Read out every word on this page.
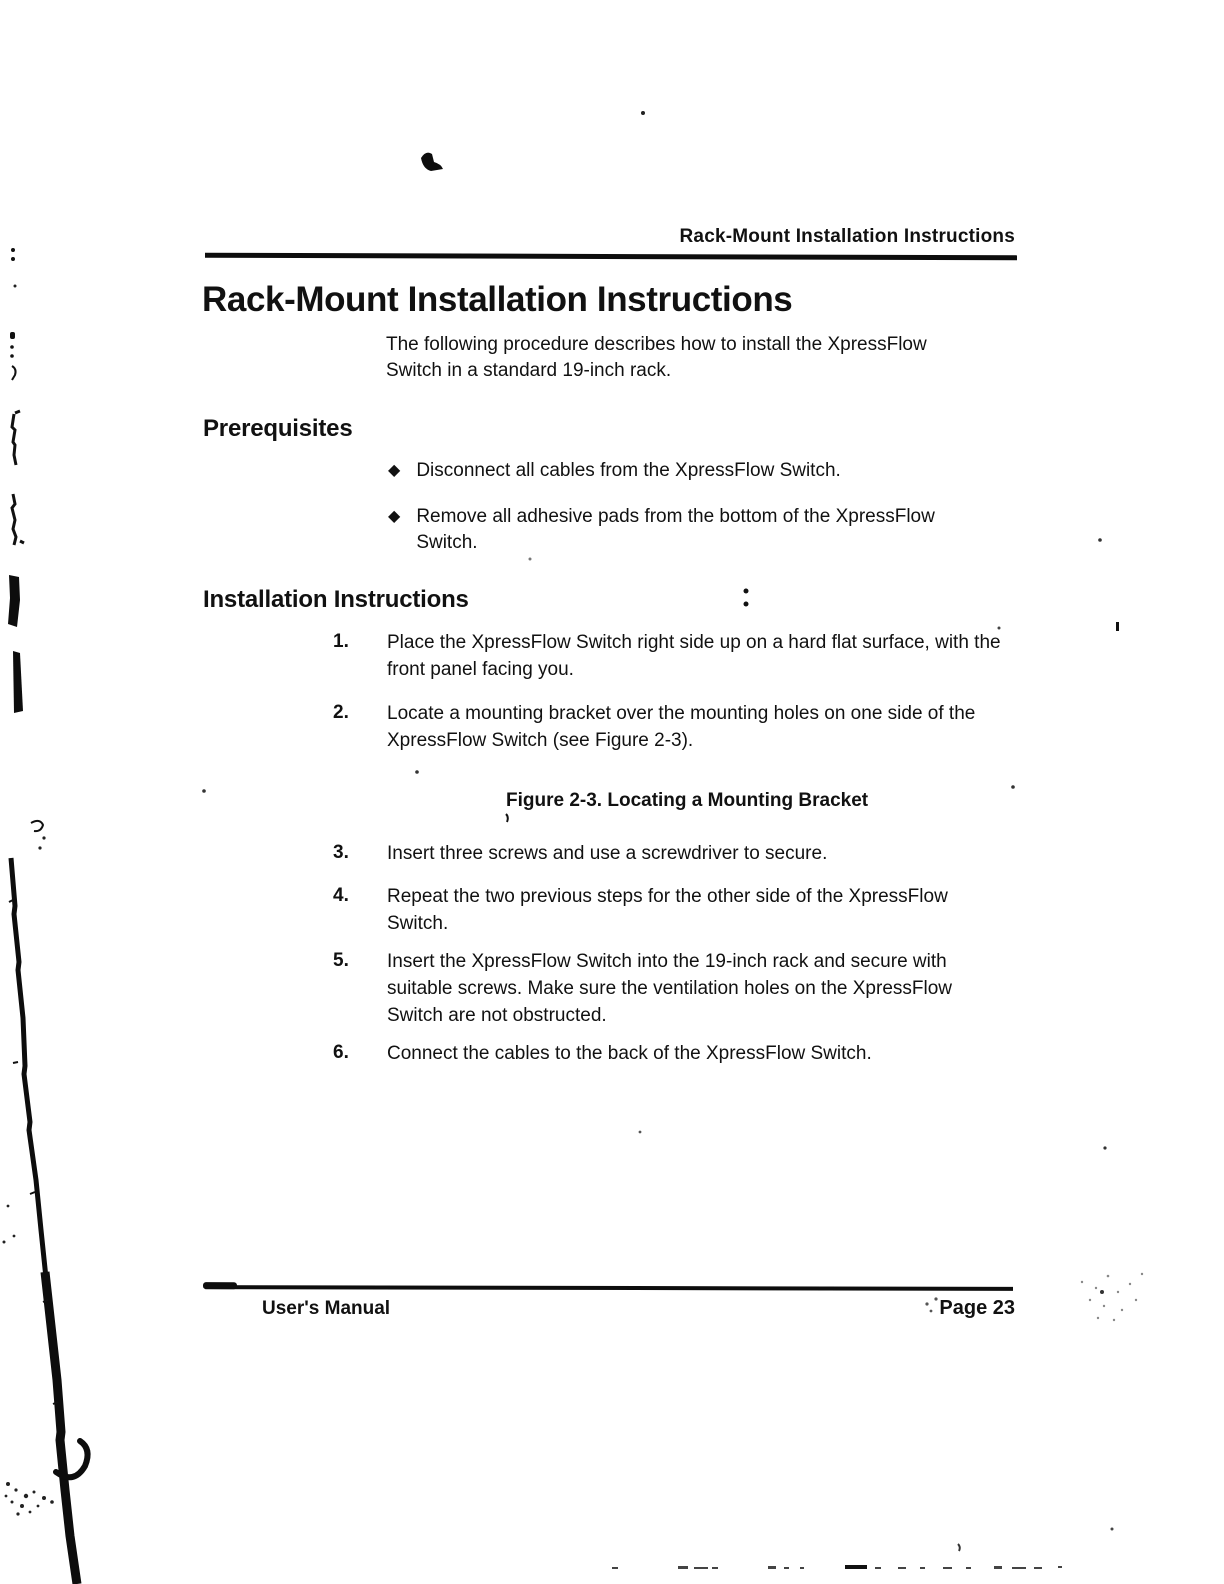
Rack-Mount Installation Instructions
Rack-Mount Installation Instructions

The following procedure describes how to install the XpressFlow Switch in a standard 19-inch rack.

Prerequisites
◆ Disconnect all cables from the XpressFlow Switch.
◆ Remove all adhesive pads from the bottom of the XpressFlow Switch.
Installation Instructions
1.	Place the XpressFlow Switch right side up on a hard flat surface, with the front panel facing you.
2.	Locate a mounting bracket over the mounting holes on one side of the XpressFlow Switch (see Figure 2-3).
Figure 2-3. Locating a Mounting Bracket
3.	Insert three screws and use a screwdriver to secure.
4.	Repeat the two previous steps for the other side of the XpressFlow Switch.
5.	Insert the XpressFlow Switch into the 19-inch rack and secure with suitable screws. Make sure the ventilation holes on the XpressFlow Switch are not obstructed.
6.	Connect the cables to the back of the XpressFlow Switch.
User's Manual	Page 23
